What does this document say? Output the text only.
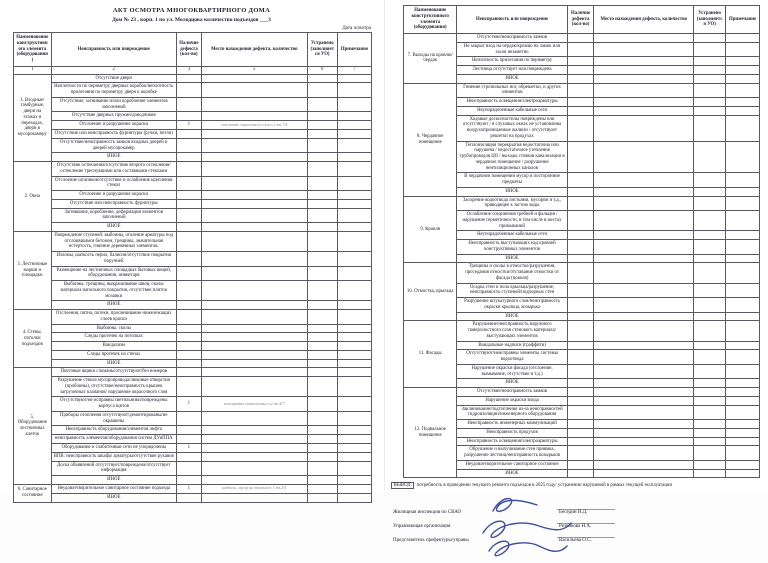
АКТ ОСМОТРА МНОГОКВАРТИРНОГО ДОМА
Дом № 23 , корп. 1 по ул. Молодцова количество подъездов ___3
Дата осмотра
Наименование конструктивного элемента (оборудования)	Неисправность или повреждение	Наличие дефекта (кол-во)	Место нахождения дефекта, количество	Устранено (заполняется УО)	Примечание
1	2	3	5	6	7
1. Входные/тамбурные, двери на этажах и переходах, двери в мусорокамеру	Отсутствие двери				
	Неплотности по периметру дверных коробок/неплотность прилегания по периметру двери к коробке				
	Отсутствие, загнивание и/или коробление элементов заполнений				
	Отсутствие дверных пружин/доводчиков				
	Отслоение и разрушение окраски	1	отслоение окрасочного слоя п.2 эт.7/4		
	Отсутствие или неисправность фурнитуры (ручки, петли)				
	Отсутствие/неисправность замков входных дверей и дверей мусорокамер				
	ИНОЕ				
2. Окна	Отсутствие остекления/отсутствие второго остекления/остекление треснувшими или составными стеклами				
	Отслоение штапиков/отсутствие и ослабление крепления стекол				
	Отслоение и разрушение окраски				
	Отсутствие или неисправность фурнитуры				
	Загнивание, коробление, деформация элементов заполнений				
	ИНОЕ				
3. Лестничные марши и площадки	Повреждение ступеней: выбоины, оголение арматуры под отслоившимся бетоном, трещины, значительная истертость, гниение деревянных элементов.				
	Изломы, шаткость перил, балясин/отсутствие покрытия поручней				
	Размещение на лестничных площадках бытовых вещей, оборудования, инвентаря				
	Выбоины, трещины, выкрашивание швов, сколы материала напольного покрытия, отсутствие плиток мозаики				
	ИНОЕ				
4. Стены, потолки подъездов	Отслоения, пятна, потеки, просвечивание нижележащих слоев краски				
	Выбоины, сколы				
	Следы протечек на потолках				
	Вандализм				
	Следы протечек на стенах				
	ИНОЕ				
5. Оборудование лестничных клеток	Почтовые ящики сломаны/отсутствуют/без номеров				
	Разрушение ствола мусоропровода/люковые отверстия (пробоины), отсутствие/неисправность крышек загрузочных клапанов/ нарушение окрасочного слоя				
	Отсутствуют/не исправны светильники/повреждены корпуса щитов	1	неисправны светильники п.2 эт.4/7		
	Приборы отопления отсутствуют/демонтированы/не окрашены				
	Неисправность оборудования/элементов лифта				
	неисправность элементов/оборудования систем ДУиППА				
	Оборудование и слаботочные сети не упорядочены	1			
	ВПВ: неисправность шкафа/ арматуры/отсутствие рукавов				
	Доска объявлений отсутствует/повреждена/отсутствует информация				
	ИНОЕ				
6. Санитарное состояние	Неудовлетворительное санитарное состояние подъезда	1	надписи, мусор на этажах п.1 эт.2/4		
	ИНОЕ				
Наименование конструктивного элемента (оборудования)	Неисправность или повреждение	Наличие дефекта (кол-во)	Место нахождения дефекта, количество	Устранено (заполняется УО)	Примечание
7. Выходы на кровлю/чердак	Отсутствие/неисправность замков				
	Не закрыт вход на чердак/кровлю на замок или засов незаметно				
	Неплотность прилегания по периметру				
	Лестница отсутствует или повреждена				
	ИНОЕ				
8. Чердачное помещение	Гниение стропильных ног, обрешетки, и других элементов				
	Неисправность освещения/электроарматуры				
	Неупорядоченные кабельные сети				
	Ходовые доски/настилы повреждены или отсутствуют / в слуховых окнах не установлены воздухопроницаемые жалюзи / отсутствуют решетки на продухах				
	Теплоизоляция перекрытия недостаточна или нарушена / недостаточное утепление трубопроводов ЦО / выходы стояков канализации в чердачное помещение / разрушение вентиляционных каналов				
	В чердачном помещении мусор и посторонние предметы				
	ИНОЕ				
9. Кровля	Засорение водоотвода листьями, мусором и т.д., приводящее к застою воды				
	Ослабление соединения гребней и фальцев / нарушение герметичности, в том числе в местах примыканий				
	Неупорядоченные кабельные сети				
	Неисправность выступающих над кровлей конструктивных элементов				
	ИНОЕ				
10. Отмостка, крыльца	Трещины и сколы в отмостке/разрушения, проседания отмостки/отставание отмостки от фасада (цоколя)				
	Осадка стен и пола крыльца/разрушение, неисправность ступеней/подпорных стен				
	Разрушение штукатурного слоя/неисправность окраски крыльца, козырька				
	ИНОЕ				
11. Фасады	Разрушение/неисправность наружного поверхностного слоя стенового материала/выступающих элементов				
	Вандальные надписи (граффити)				
	Отсутствуют/неисправны элементы системы водоотвода				
	Нарушение окраски фасада (отслоение, вымывание, отсутствие и т.д.)				
	ИНОЕ				
12. Подвальное помещение	Отсутствие/неисправность замков				
	Нарушение окраски входа				
	Заклинивание/подтопление из-за неисправностей гидроизоляции/инженерного оборудования				
	Неисправность инженерных коммуникаций				
	Неисправность продухов				
	Неисправность освещения/электроарматуры				
	Обрушение и выпучивание стен приямка, разрушение лестниц/неисправность козырьков				
	Неудовлетворительное санитарное состояние				
	ИНОЕ				
ВЫВОД: потребность в проведении текущего ремонта подъездов в 2025 году/ устранении нарушений в рамках текущей эксплуатации
Жилищная инспекция по СВАО	Беседин Н.Д.
Управляющая организация	Резчикова Н.А.
Представитель префектуры/управы	Васильева О.С.
